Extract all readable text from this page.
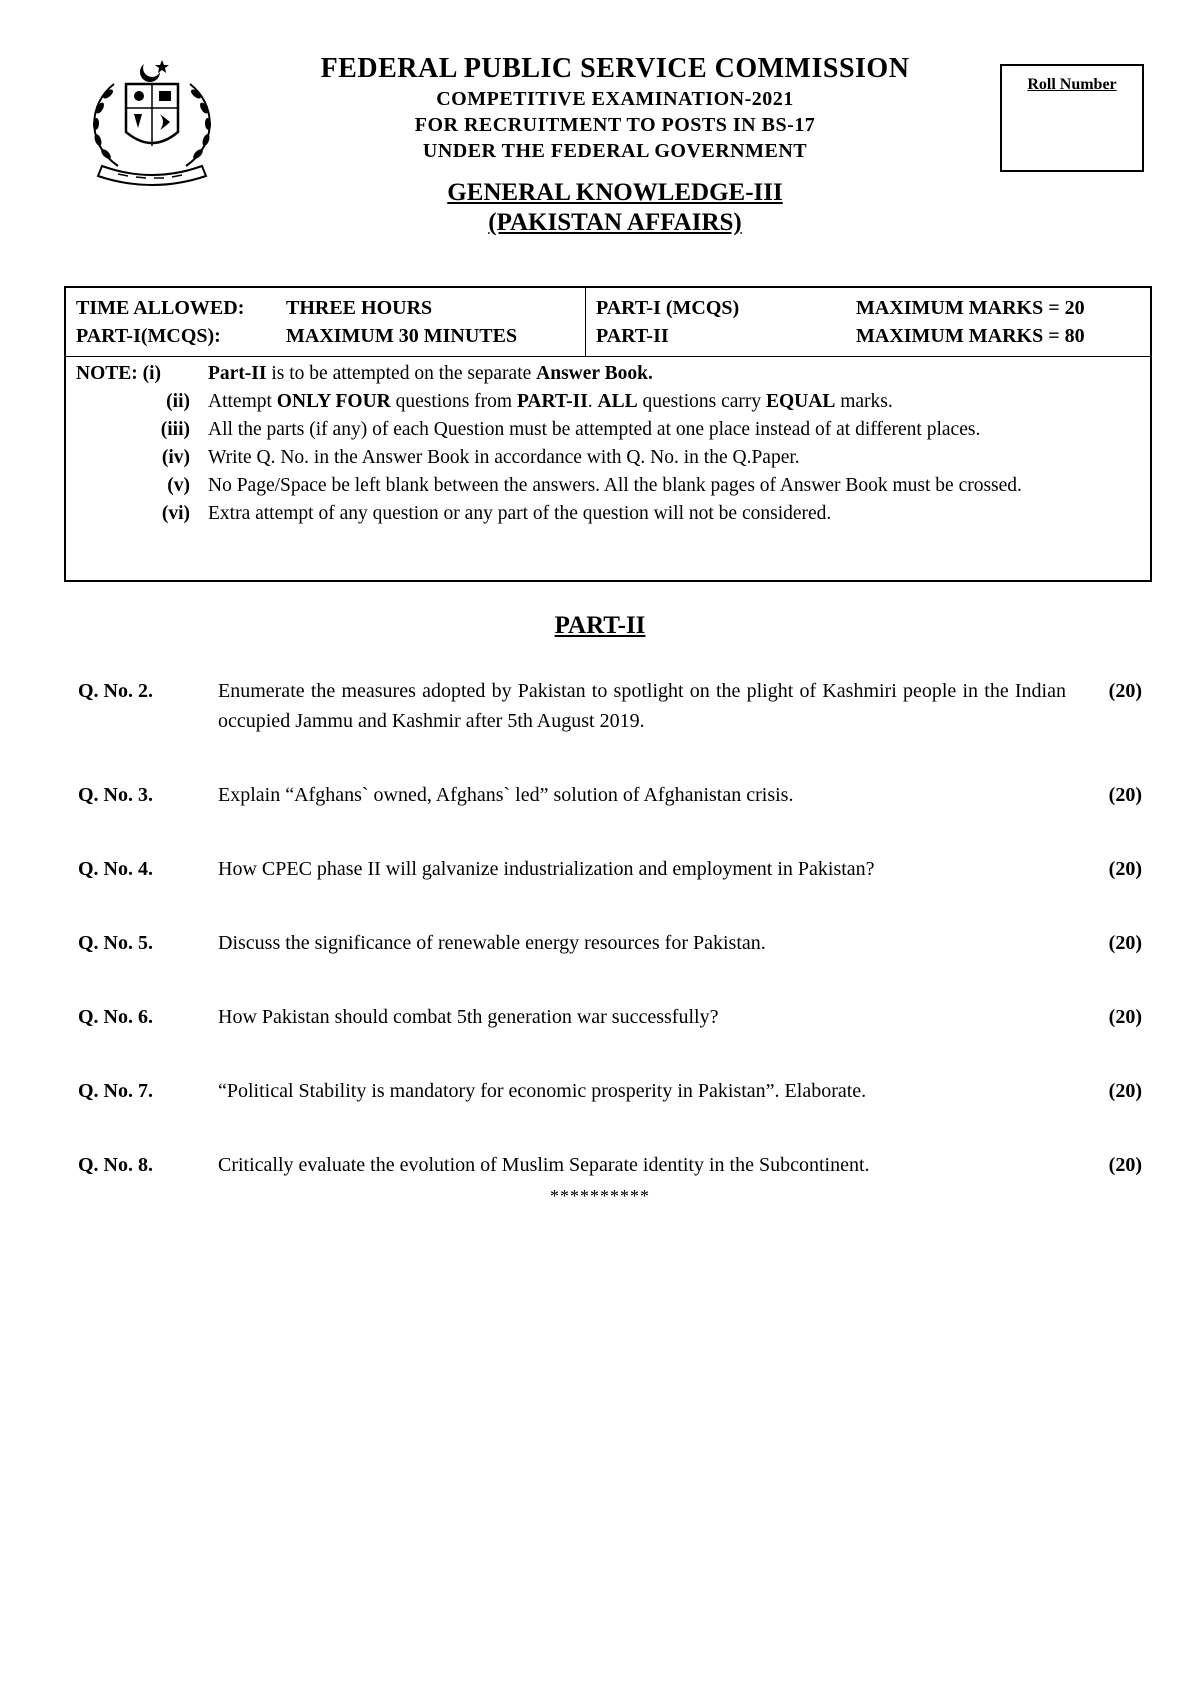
FEDERAL PUBLIC SERVICE COMMISSION
COMPETITIVE EXAMINATION-2021
FOR RECRUITMENT TO POSTS IN BS-17
UNDER THE FEDERAL GOVERNMENT
GENERAL KNOWLEDGE-III
(PAKISTAN AFFAIRS)
Roll Number
TIME ALLOWED:	THREE HOURS
PART-I(MCQS):	MAXIMUM 30 MINUTES
PART-I (MCQS)	MAXIMUM MARKS = 20
PART-II	MAXIMUM MARKS = 80
NOTE: (i)	Part-II is to be attempted on the separate Answer Book.
(ii) Attempt ONLY FOUR questions from PART-II. ALL questions carry EQUAL marks.
(iii) All the parts (if any) of each Question must be attempted at one place instead of at different places.
(iv) Write Q. No. in the Answer Book in accordance with Q. No. in the Q.Paper.
(v) No Page/Space be left blank between the answers. All the blank pages of Answer Book must be crossed.
(vi) Extra attempt of any question or any part of the question will not be considered.
PART-II
Q. No. 2.	Enumerate the measures adopted by Pakistan to spotlight on the plight of Kashmiri people in the Indian occupied Jammu and Kashmir after 5th August 2019.
(20)
Q. No. 3.	Explain “Afghans` owned, Afghans` led” solution of Afghanistan crisis.	(20)
Q. No. 4.	How CPEC phase II will galvanize industrialization and employment in Pakistan?	(20)
Q. No. 5.	Discuss the significance of renewable energy resources for Pakistan.	(20)
Q. No. 6.	How Pakistan should combat 5th generation war successfully?	(20)
Q. No. 7.	“Political Stability is mandatory for economic prosperity in Pakistan”. Elaborate.	(20)
Q. No. 8.	Critically evaluate the evolution of Muslim Separate identity in the Subcontinent.	(20)
**********
